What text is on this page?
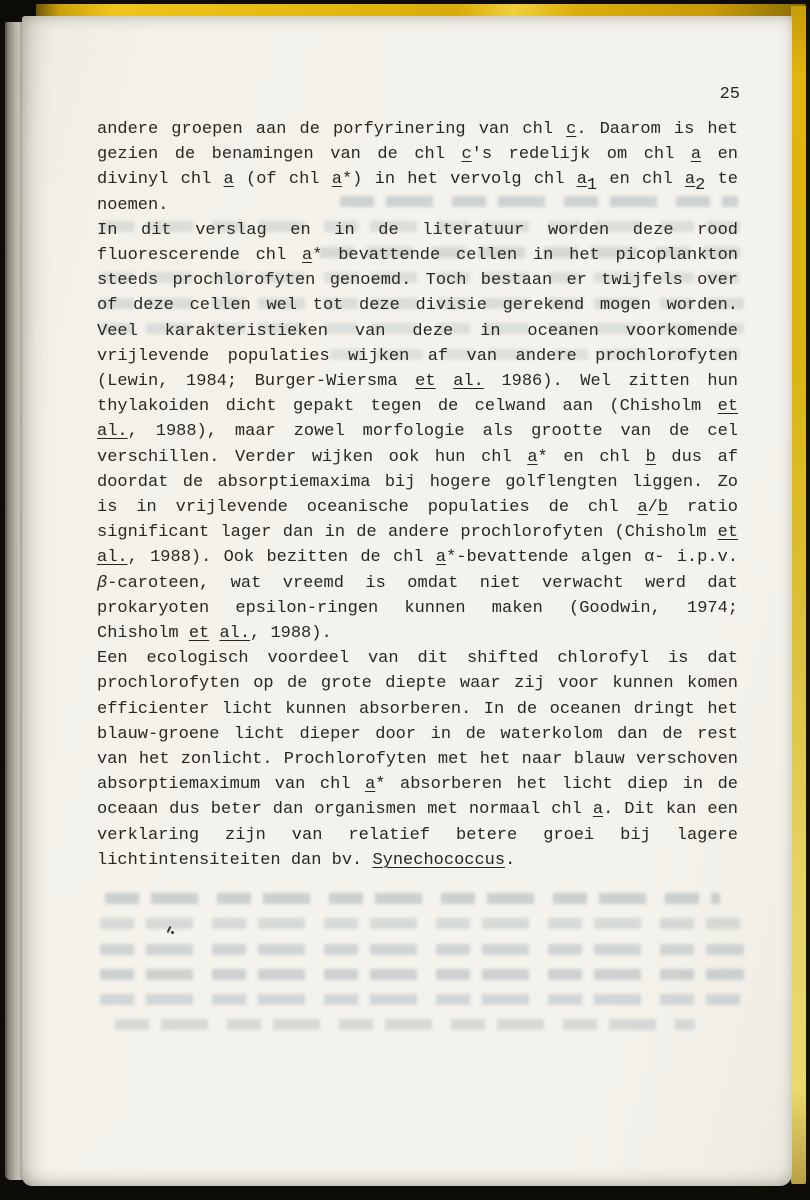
25
andere groepen aan de porfyrinering van chl c. Daarom is het
gezien de benamingen van de chl c's redelijk om chl a en
divinyl chl a (of chl a*) in het vervolg chl a1 en chl a2 te
noemen.
In dit verslag en in de literatuur worden deze rood
fluorescerende chl a* bevattende cellen in het picoplankton
steeds prochlorofyten genoemd. Toch bestaan er twijfels over
of deze cellen wel tot deze divisie gerekend mogen worden.
Veel karakteristieken van deze in oceanen voorkomende
vrijlevende populaties wijken af van andere prochlorofyten
(Lewin, 1984; Burger-Wiersma et al. 1986). Wel zitten hun
thylakoiden dicht gepakt tegen de celwand aan (Chisholm et
al., 1988), maar zowel morfologie als grootte van de cel
verschillen. Verder wijken ook hun chl a* en chl b dus af
doordat de absorptiemaxima bij hogere golflengten liggen. Zo
is in vrijlevende oceanische populaties de chl a/b ratio
significant lager dan in de andere prochlorofyten (Chisholm et
al., 1988). Ook bezitten de chl a*-bevattende algen α- i.p.v.
β-caroteen, wat vreemd is omdat niet verwacht werd dat
prokaryoten epsilon-ringen kunnen maken (Goodwin, 1974;
Chisholm et al., 1988).
Een ecologisch voordeel van dit shifted chlorofyl is dat
prochlorofyten op de grote diepte waar zij voor kunnen komen
efficienter licht kunnen absorberen. In de oceanen dringt het
blauw-groene licht dieper door in de waterkolom dan de rest
van het zonlicht. Prochlorofyten met het naar blauw verschoven
absorptiemaximum van chl a* absorberen het licht diep in de
oceaan dus beter dan organismen met normaal chl a. Dit kan een
verklaring zijn van relatief betere groei bij lagere
lichtintensiteiten dan bv. Synechococcus.
